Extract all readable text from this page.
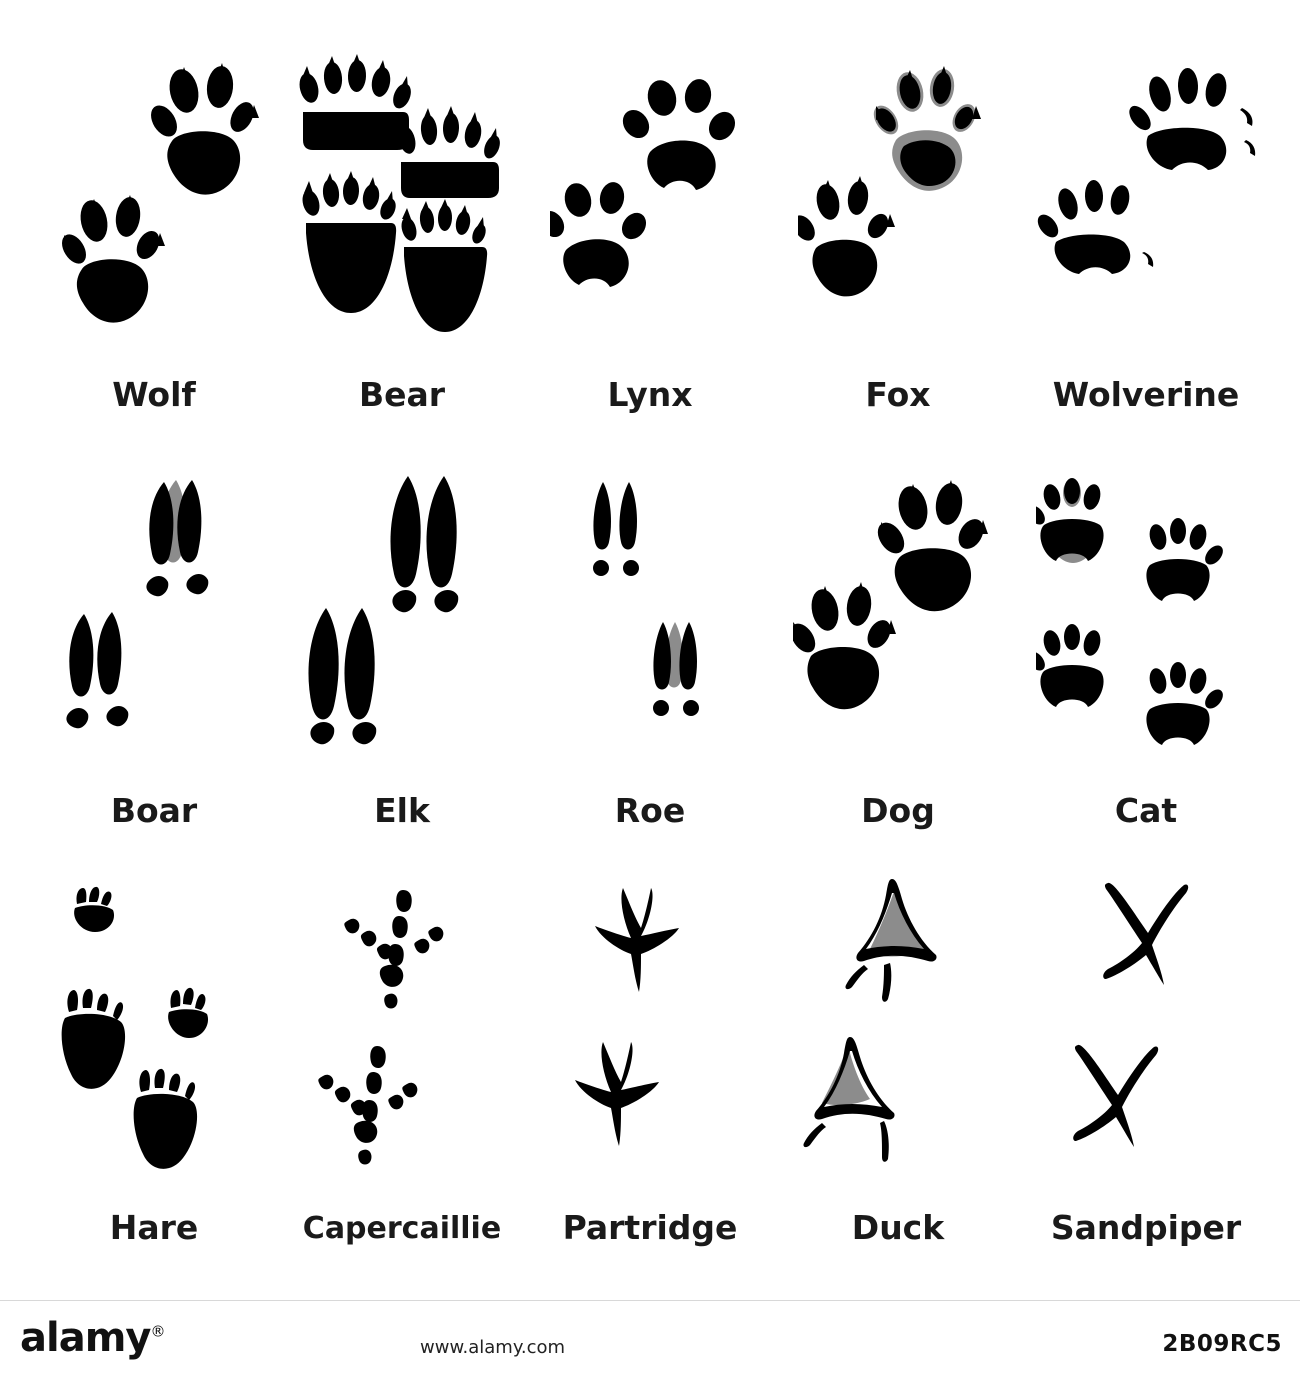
Wolf	Bear	Lynx	Fox	Wolverine
Boar	Elk	Roe	Dog	Cat
Hare	Capercaillie Partridge	Duck	Sandpiper
alamy®
www.alamy.com	2B09RC5
